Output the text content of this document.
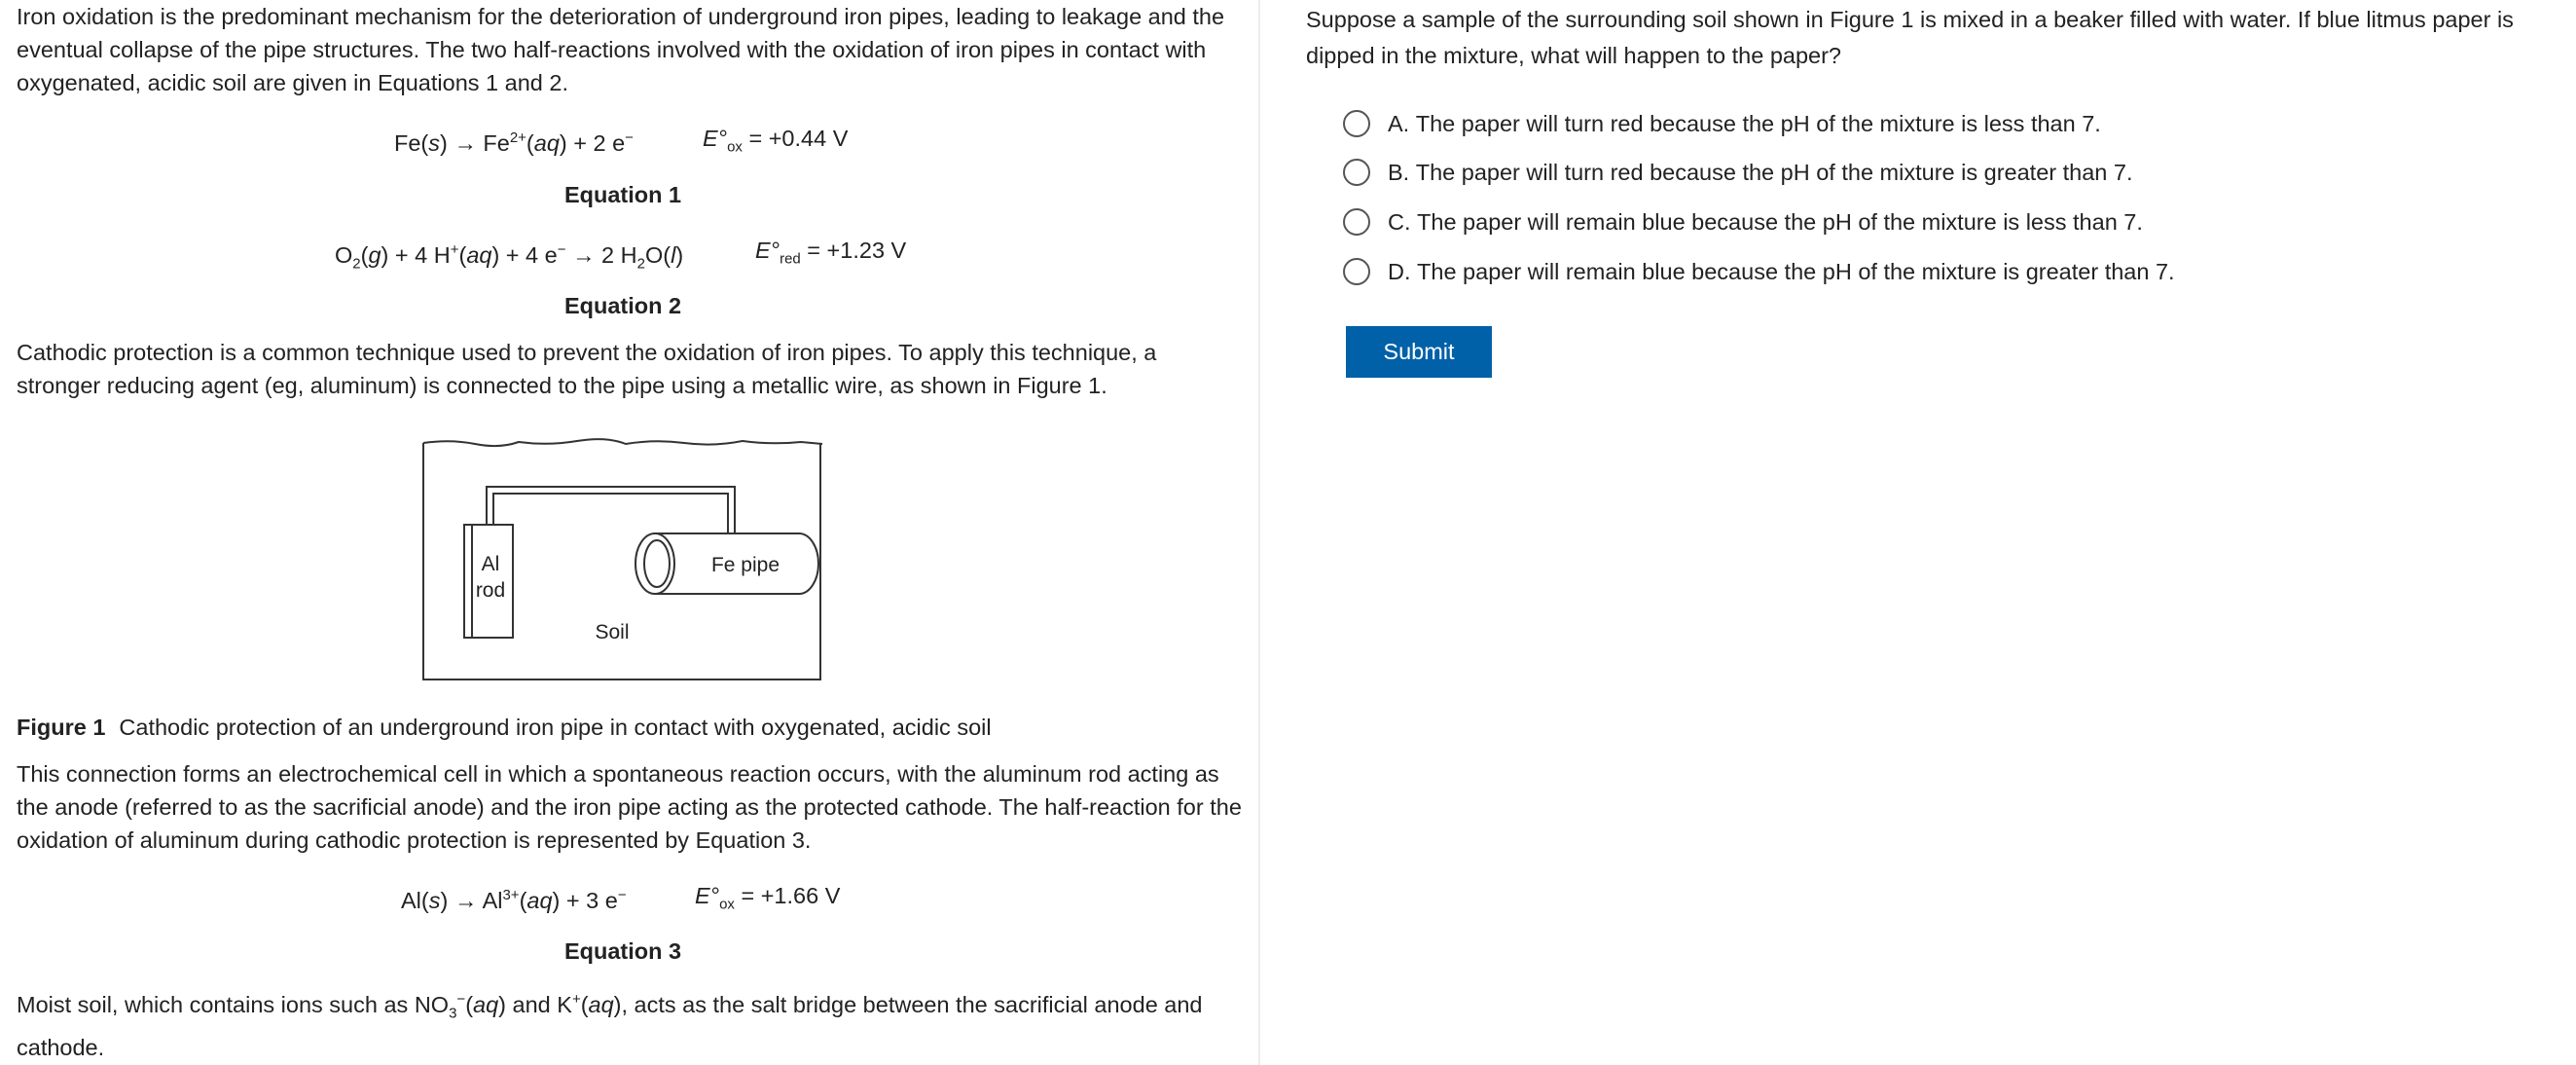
Iron oxidation is the predominant mechanism for the deterioration of underground iron pipes, leading to leakage and the eventual collapse of the pipe structures. The two half-reactions involved with the oxidation of iron pipes in contact with oxygenated, acidic soil are given in Equations 1 and 2.

$Fe(s) \to Fe^{2+}(aq) + 2$ e−	$E^\circ_{ox} = +0.44$ V
Equation 1
$O_2(g) + 4$ H+(aq) + 4 e− → 2 $H_2O(l)$	$E^\circ_{red} = +1.23$ V
Equation 2

Cathodic protection is a common technique used to prevent the oxidation of iron pipes. To apply this technique, a stronger reducing agent (eg, aluminum) is connected to the pipe using a metallic wire, as shown in Figure 1.

Al
rod
Fe pipe
Soil
Figure 1 Cathodic protection of an underground iron pipe in contact with oxygenated, acidic soil

This connection forms an electrochemical cell in which a spontaneous reaction occurs, with the aluminum rod acting as the anode (referred to as the sacrificial anode) and the iron pipe acting as the protected cathode. The half-reaction for the oxidation of aluminum during cathodic protection is represented by Equation 3.

$Al(s) \to Al^{3+}(aq) + 3$ e−	$E^\circ_{ox} = +1.66$ V
Equation 3

Moist soil, which contains ions such as $NO_3^-(aq)$ and K+(aq), acts as the salt bridge between the sacrificial anode and cathode.

Suppose a sample of the surrounding soil shown in Figure 1 is mixed in a beaker filled with water. If blue litmus paper is dipped in the mixture, what will happen to the paper?

A.
The paper will turn red because the pH of the mixture is less than 7.
B.
The paper will turn red because the pH of the mixture is greater than 7.
C.
The paper will remain blue because the pH of the mixture is less than 7.
D.
The paper will remain blue because the pH of the mixture is greater than 7.
Submit
